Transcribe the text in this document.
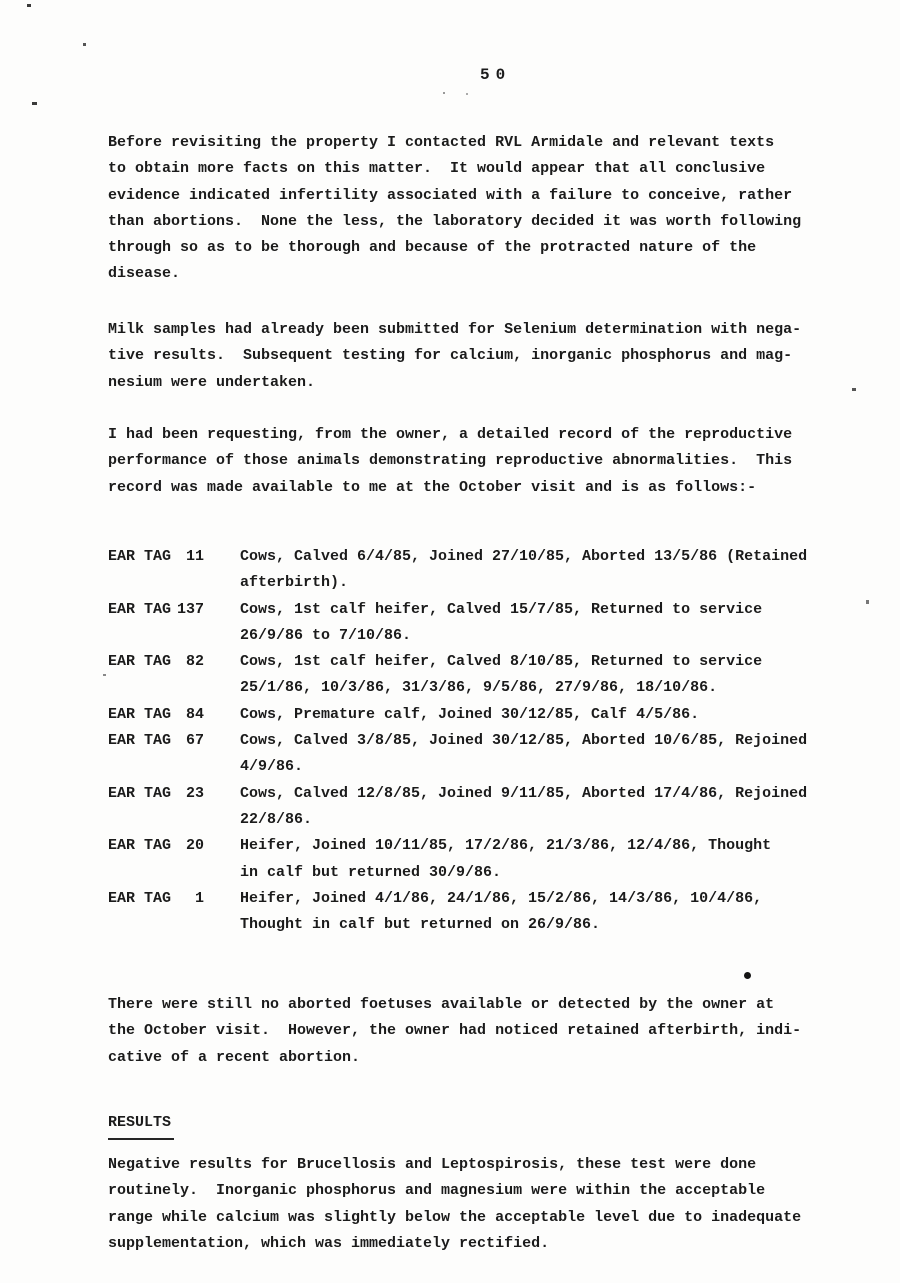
50
Before revisiting the property I contacted RVL Armidale and relevant texts
to obtain more facts on this matter.  It would appear that all conclusive
evidence indicated infertility associated with a failure to conceive, rather
than abortions.  None the less, the laboratory decided it was worth following
through so as to be thorough and because of the protracted nature of the
disease.
Milk samples had already been submitted for Selenium determination with nega-
tive results.  Subsequent testing for calcium, inorganic phosphorus and mag-
nesium were undertaken.
I had been requesting, from the owner, a detailed record of the reproductive
performance of those animals demonstrating reproductive abnormalities.  This
record was made available to me at the October visit and is as follows:-
EAR TAG 11 Cows, Calved 6/4/85, Joined 27/10/85, Aborted 13/5/86 (Retained
afterbirth).
EAR TAG 137 Cows, 1st calf heifer, Calved 15/7/85, Returned to service
26/9/86 to 7/10/86.
EAR TAG 82 Cows, 1st calf heifer, Calved 8/10/85, Returned to service
25/1/86, 10/3/86, 31/3/86, 9/5/86, 27/9/86, 18/10/86.
EAR TAG 84 Cows, Premature calf, Joined 30/12/85, Calf 4/5/86.
EAR TAG 67 Cows, Calved 3/8/85, Joined 30/12/85, Aborted 10/6/85, Rejoined
4/9/86.
EAR TAG 23 Cows, Calved 12/8/85, Joined 9/11/85, Aborted 17/4/86, Rejoined
22/8/86.
EAR TAG 20 Heifer, Joined 10/11/85, 17/2/86, 21/3/86, 12/4/86, Thought
in calf but returned 30/9/86.
EAR TAG 1 Heifer, Joined 4/1/86, 24/1/86, 15/2/86, 14/3/86, 10/4/86,
Thought in calf but returned on 26/9/86.
There were still no aborted foetuses available or detected by the owner at
the October visit.  However, the owner had noticed retained afterbirth, indi-
cative of a recent abortion.
RESULTS
Negative results for Brucellosis and Leptospirosis, these test were done
routinely.  Inorganic phosphorus and magnesium were within the acceptable
range while calcium was slightly below the acceptable level due to inadequate
supplementation, which was immediately rectified.
